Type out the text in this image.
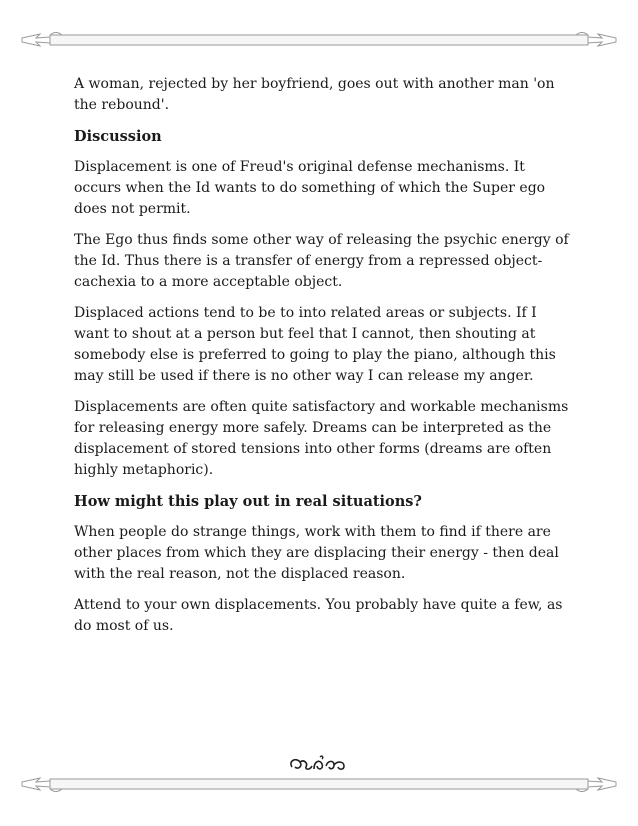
A woman, rejected by her boyfriend, goes out with another man 'on the rebound'.

Discussion

Displacement is one of Freud's original defense mechanisms. It occurs when the Id wants to do something of which the Super ego does not permit.

The Ego thus finds some other way of releasing the psychic energy of the Id. Thus there is a transfer of energy from a repressed object-cachexia to a more acceptable object.

Displaced actions tend to be to into related areas or subjects. If I want to shout at a person but feel that I cannot, then shouting at somebody else is preferred to going to play the piano, although this may still be used if there is no other way I can release my anger.

Displacements are often quite satisfactory and workable mechanisms for releasing energy more safely. Dreams can be interpreted as the displacement of stored tensions into other forms (dreams are often highly metaphoric).

How might this play out in real situations?

When people do strange things, work with them to find if there are other places from which they are displacing their energy - then deal with the real reason, not the displaced reason.

Attend to your own displacements. You probably have quite a few, as do most of us.
